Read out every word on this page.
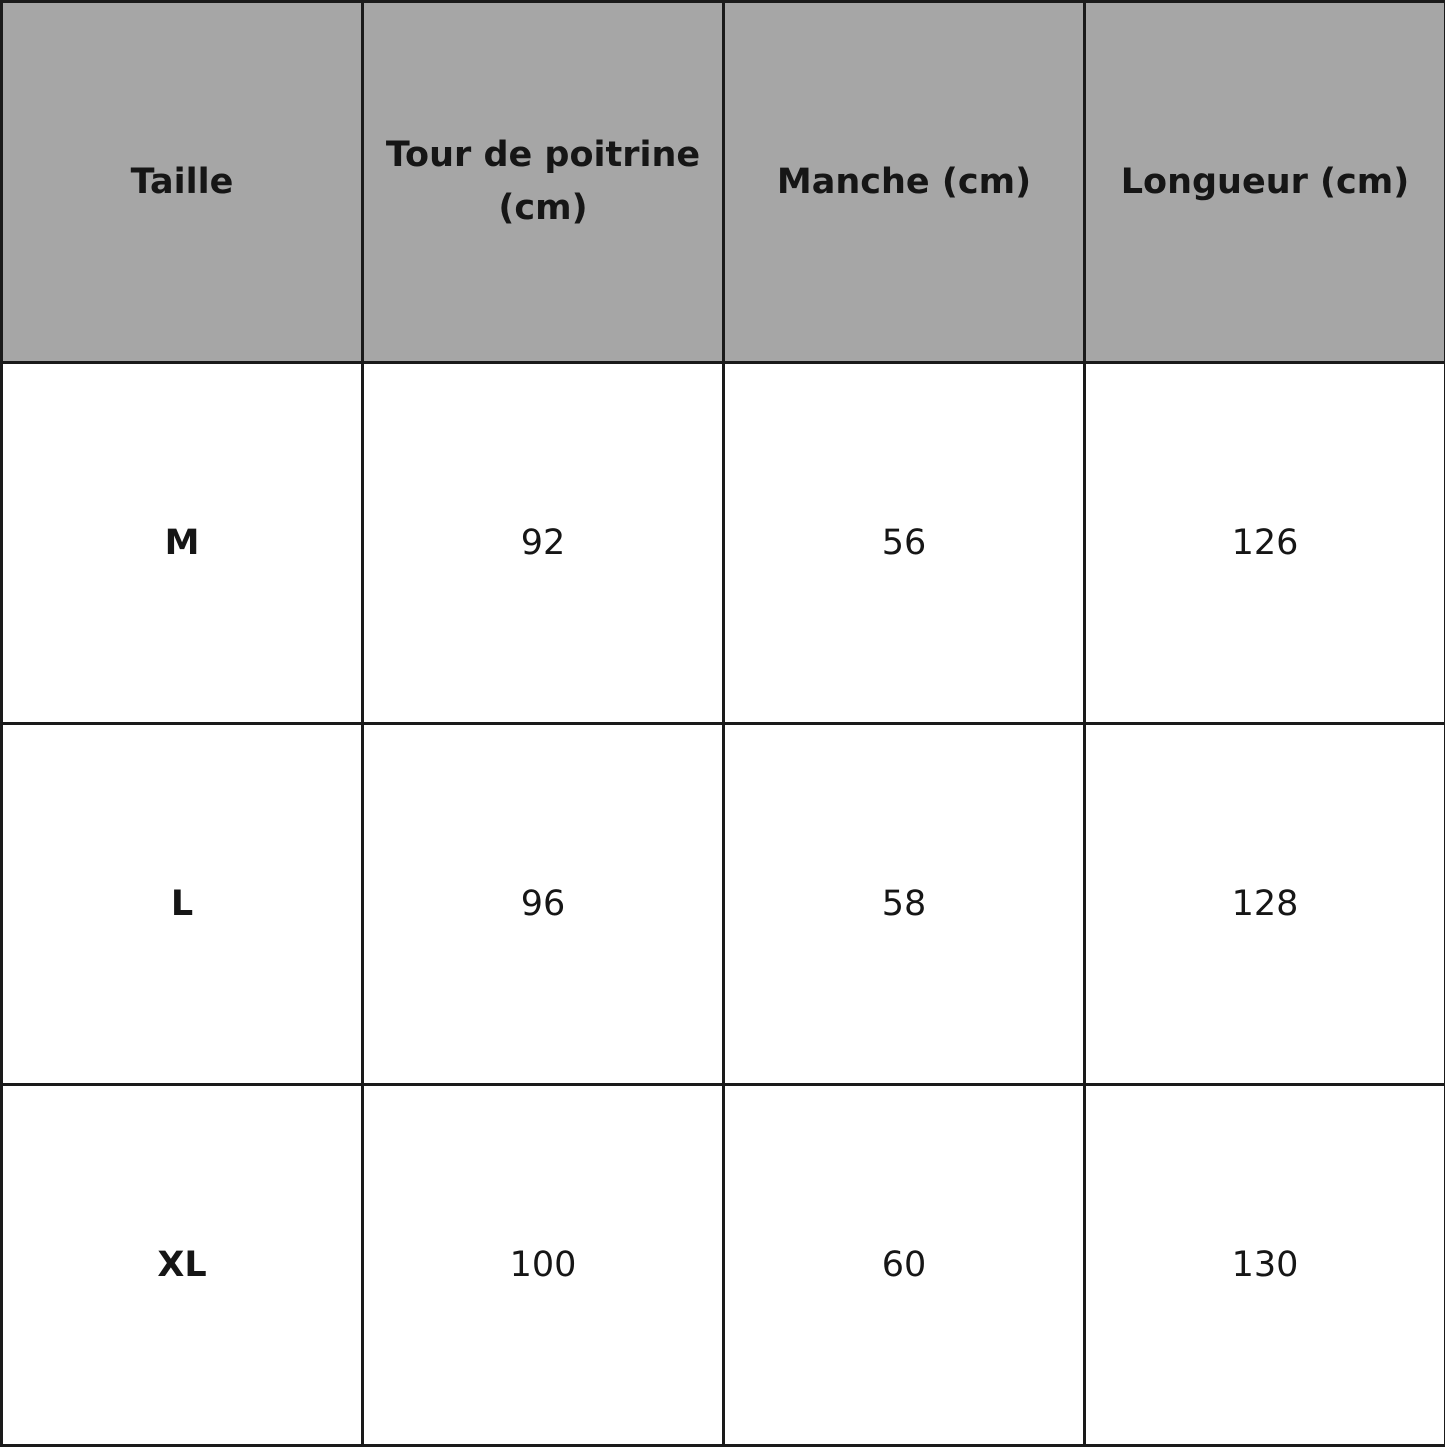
Taille	Tour de poitrine (cm)	Manche (cm)	Longueur (cm)
M	92	56	126
L	96	58	128
XL	100	60	130
